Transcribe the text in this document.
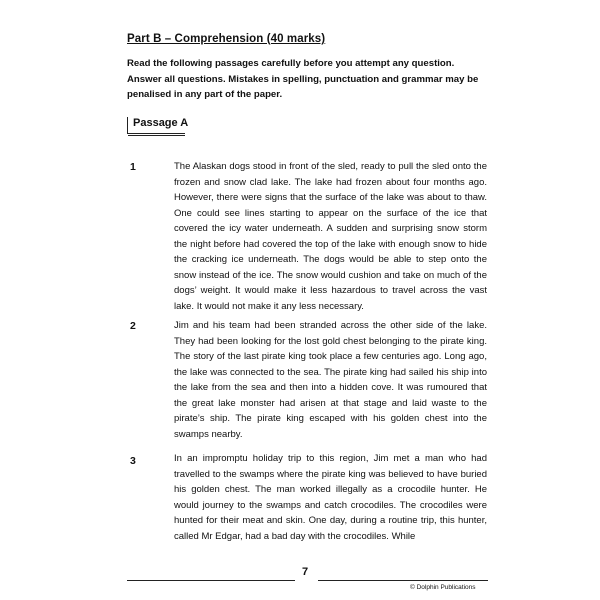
Part B – Comprehension (40 marks)
Read the following passages carefully before you attempt any question. Answer all questions. Mistakes in spelling, punctuation and grammar may be penalised in any part of the paper.
Passage A
1	The Alaskan dogs stood in front of the sled, ready to pull the sled onto the frozen and snow clad lake. The lake had frozen about four months ago. However, there were signs that the surface of the lake was about to thaw. One could see lines starting to appear on the surface of the ice that covered the icy water underneath. A sudden and surprising snow storm the night before had covered the top of the lake with enough snow to hide the cracking ice underneath. The dogs would be able to step onto the snow instead of the ice. The snow would cushion and take on much of the dogs’ weight. It would make it less hazardous to travel across the vast lake. It would not make it any less necessary.
2	Jim and his team had been stranded across the other side of the lake. They had been looking for the lost gold chest belonging to the pirate king. The story of the last pirate king took place a few centuries ago. Long ago, the lake was connected to the sea. The pirate king had sailed his ship into the lake from the sea and then into a hidden cove. It was rumoured that the great lake monster had arisen at that stage and laid waste to the pirate’s ship. The pirate king escaped with his golden chest into the swamps nearby.
3	In an impromptu holiday trip to this region, Jim met a man who had travelled to the swamps where the pirate king was believed to have buried his golden chest. The man worked illegally as a crocodile hunter. He would journey to the swamps and catch crocodiles. The crocodiles were hunted for their meat and skin. One day, during a routine trip, this hunter, called Mr Edgar, had a bad day with the crocodiles. While
7
© Dolphin Publications
